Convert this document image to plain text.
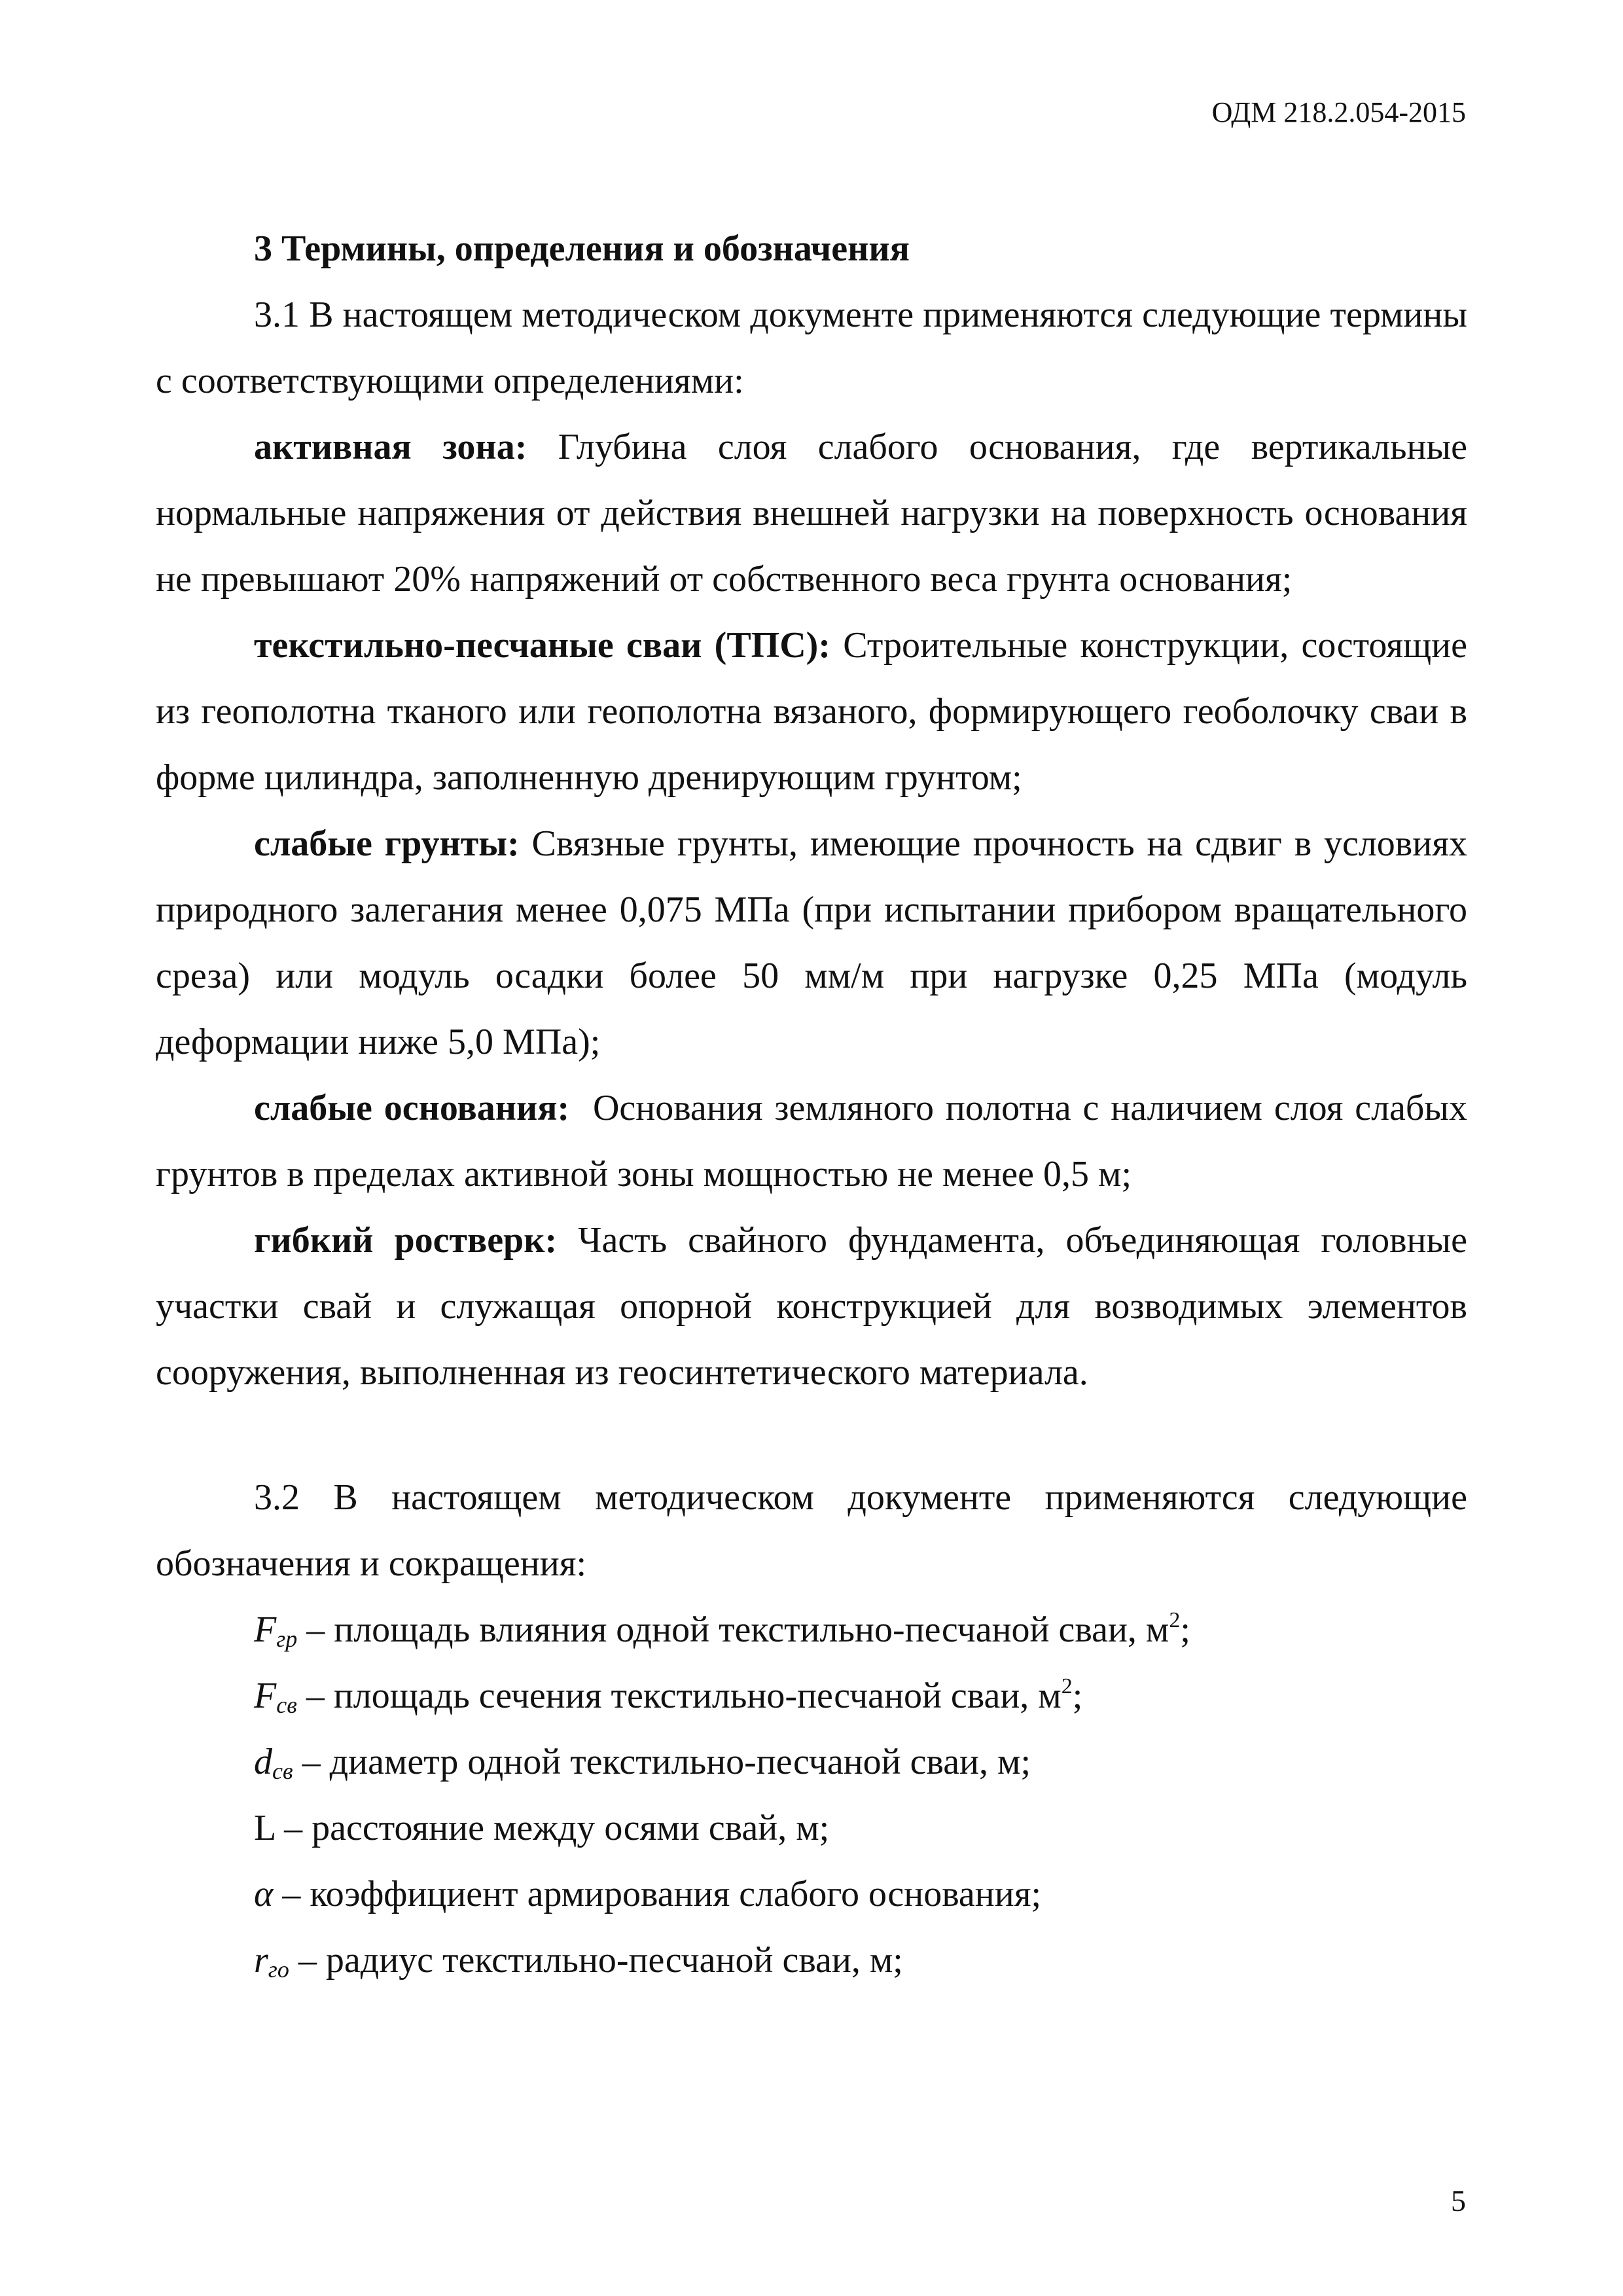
ОДМ 218.2.054-2015

3 Термины, определения и обозначения

3.1 В настоящем методическом документе применяются следующие термины с соответствующими определениями:

активная зона: Глубина слоя слабого основания, где вертикальные нормальные напряжения от действия внешней нагрузки на поверхность основания не превышают 20% напряжений от собственного веса грунта основания;

текстильно-песчаные сваи (ТПС): Строительные конструкции, состоящие из геополотна тканого или геополотна вязаного, формирующего геоболочку сваи в форме цилиндра, заполненную дренирующим грунтом;

слабые грунты: Связные грунты, имеющие прочность на сдвиг в условиях природного залегания менее 0,075 МПа (при испытании прибором вращательного среза) или модуль осадки более 50 мм/м при нагрузке 0,25 МПа (модуль деформации ниже 5,0 МПа);

слабые основания:  Основания земляного полотна с наличием слоя слабых грунтов в пределах активной зоны мощностью не менее 0,5 м;

гибкий ростверк: Часть свайного фундамента, объединяющая головные участки свай и служащая опорной конструкцией для возводимых элементов сооружения, выполненная из геосинтетического материала.

3.2 В настоящем методическом документе применяются следующие обозначения и сокращения:

$F_{гр}$ – площадь влияния одной текстильно-песчаной сваи, $м^2$;

$F_{св}$ – площадь сечения текстильно-песчаной сваи, $м^2$;

$d_{св}$ – диаметр одной текстильно-песчаной сваи, м;

L – расстояние между осями свай, м;

α – коэффициент армирования слабого основания;

$r_{го}$ – радиус текстильно-песчаной сваи, м;

5
